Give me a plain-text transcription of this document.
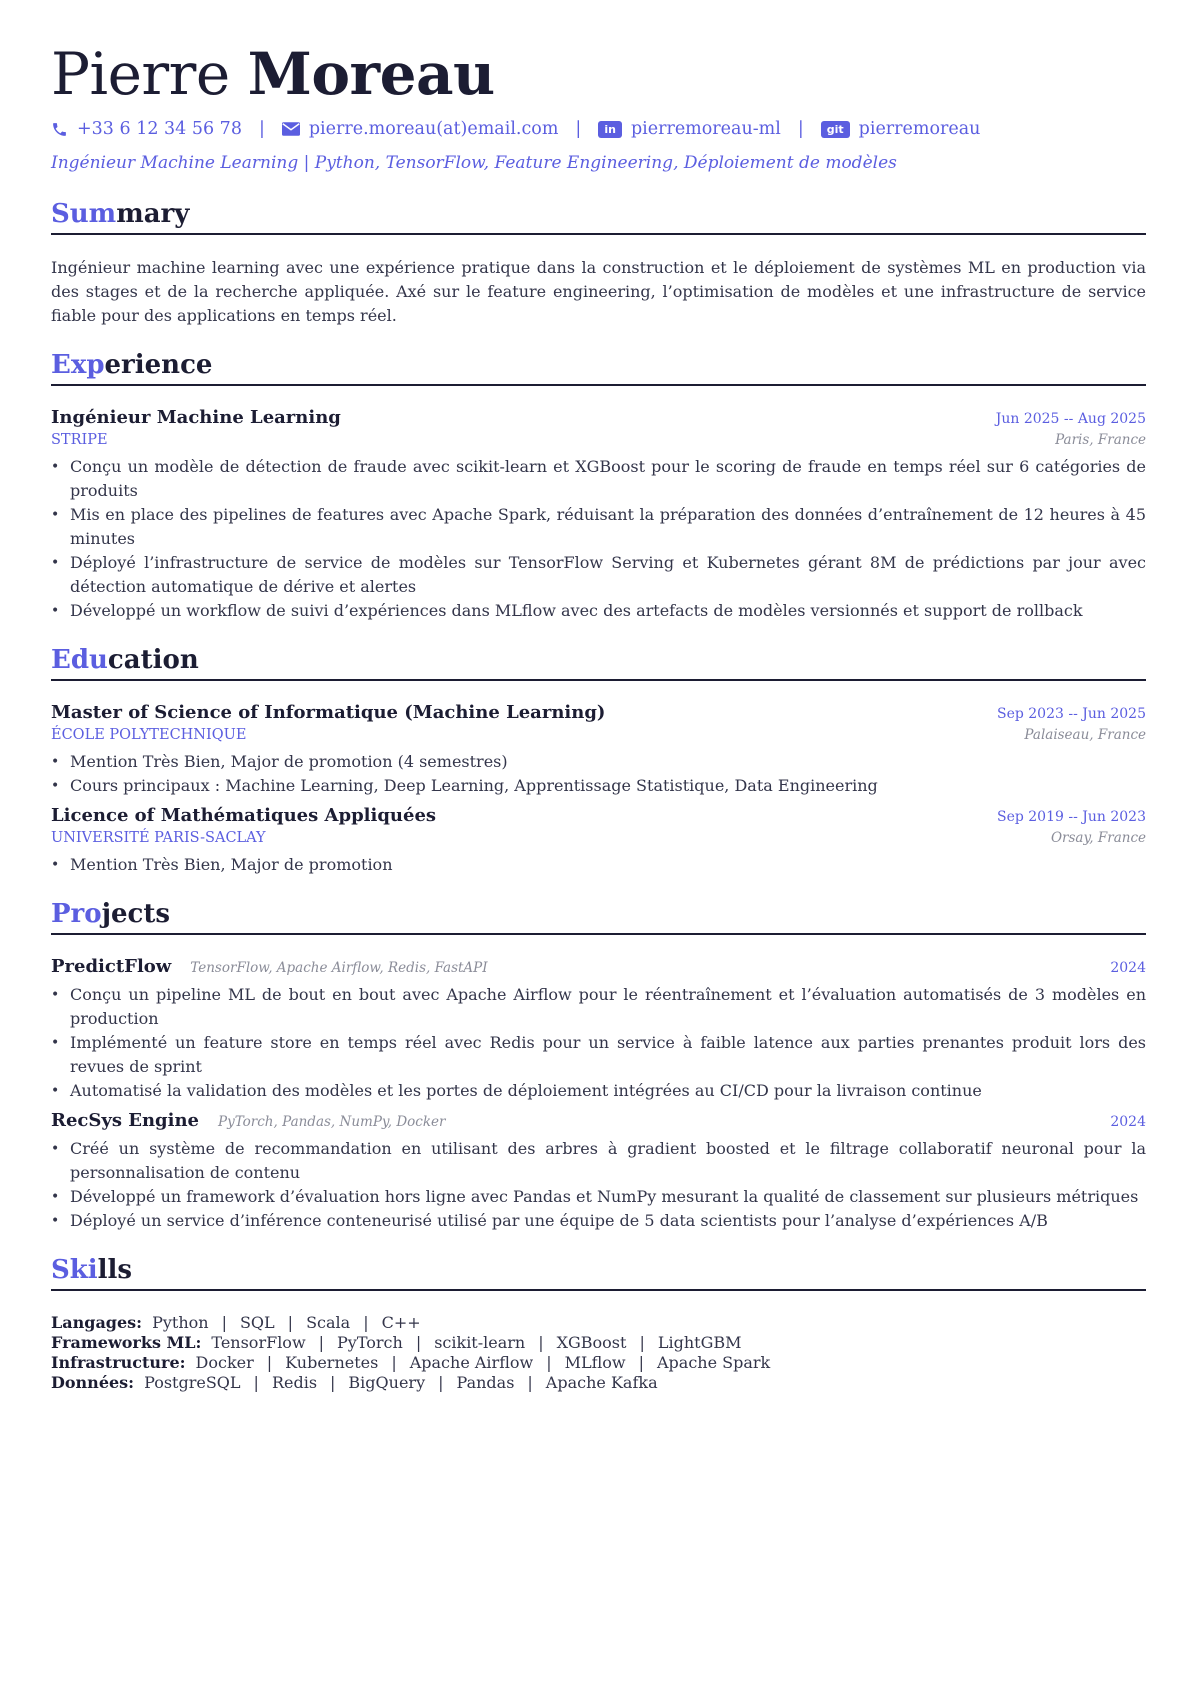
Pierre Moreau
+33 6 12 34 56 78 |	pierre.moreau(at)email.com |	in pierremoreau-ml |	git pierremoreau
Ingénieur Machine Learning | Python, TensorFlow, Feature Engineering, Déploiement de modèles
Summary
Ingénieur machine learning avec une expérience pratique dans la construction et le déploiement de systèmes ML en production via des stages et de la recherche appliquée. Axé sur le feature engineering, l’optimisation de modèles et une infrastructure de service fiable pour des applications en temps réel.
Experience
Ingénieur Machine Learning	Jun 2025 -- Aug 2025
STRIPE	Paris, France
• Conçu un modèle de détection de fraude avec scikit-learn et XGBoost pour le scoring de fraude en temps réel sur 6 catégories de produits
• Mis en place des pipelines de features avec Apache Spark, réduisant la préparation des données d’entraînement de 12 heures à 45 minutes
• Déployé l’infrastructure de service de modèles sur TensorFlow Serving et Kubernetes gérant 8M de prédictions par jour avec détection automatique de dérive et alertes
• Développé un workflow de suivi d’expériences dans MLflow avec des artefacts de modèles versionnés et support de rollback
Education
Master of Science of Informatique (Machine Learning)	Sep 2023 -- Jun 2025
ÉCOLE POLYTECHNIQUE	Palaiseau, France
• Mention Très Bien, Major de promotion (4 semestres)
• Cours principaux : Machine Learning, Deep Learning, Apprentissage Statistique, Data Engineering
Licence of Mathématiques Appliquées	Sep 2019 -- Jun 2023
UNIVERSITÉ PARIS-SACLAY	Orsay, France
• Mention Très Bien, Major de promotion
Projects
PredictFlow TensorFlow, Apache Airflow, Redis, FastAPI	2024
• Conçu un pipeline ML de bout en bout avec Apache Airflow pour le réentraînement et l’évaluation automatisés de 3 modèles en production
• Implémenté un feature store en temps réel avec Redis pour un service à faible latence aux parties prenantes produit lors des revues de sprint
• Automatisé la validation des modèles et les portes de déploiement intégrées au CI/CD pour la livraison continue
RecSys Engine PyTorch, Pandas, NumPy, Docker	2024
• Créé un système de recommandation en utilisant des arbres à gradient boosted et le filtrage collaboratif neuronal pour la personnalisation de contenu
• Développé un framework d’évaluation hors ligne avec Pandas et NumPy mesurant la qualité de classement sur plusieurs métriques
• Déployé un service d’inférence conteneurisé utilisé par une équipe de 5 data scientists pour l’analyse d’expériences A/B
Skills
Langages: Python | SQL | Scala | C++
Frameworks ML: TensorFlow | PyTorch | scikit-learn | XGBoost | LightGBM
Infrastructure: Docker | Kubernetes | Apache Airflow | MLflow | Apache Spark
Données: PostgreSQL | Redis | BigQuery | Pandas | Apache Kafka
